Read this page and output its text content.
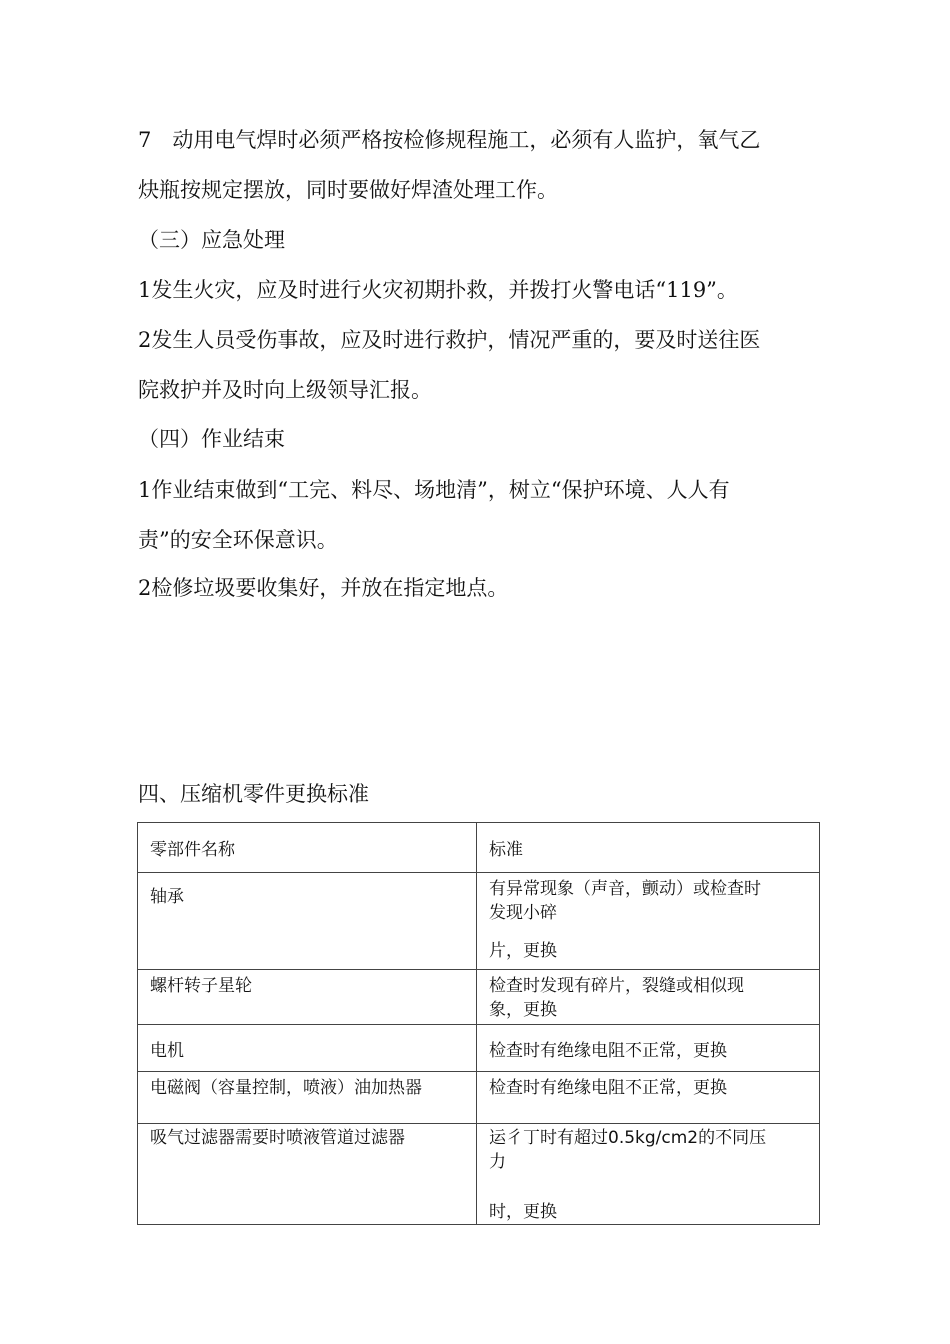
7　动用电气焊时必须严格按检修规程施工，必须有人监护，氧气乙
炔瓶按规定摆放，同时要做好焊渣处理工作。
（三）应急处理
1发生火灾，应及时进行火灾初期扑救，并拨打火警电话“119”。
2发生人员受伤事故，应及时进行救护，情况严重的，要及时送往医
院救护并及时向上级领导汇报。
（四）作业结束
1作业结束做到“工完、料尽、场地清”，树立“保护环境、人人有
责”的安全环保意识。
2检修垃圾要收集好，并放在指定地点。
四、压缩机零件更换标准

零部件名称	标准

轴承	有异常现象（声音，颤动）或检查时

发现小碎

片，更换

螺杆转子星轮	检查时发现有碎片，裂缝或相似现

象，更换

电机	检查时有绝缘电阻不正常，更换

电磁阀（容量控制，喷液）油加热器	检查时有绝缘电阻不正常，更换

吸气过滤器需要时喷液管道过滤器	运彳丁时有超过0.5kg/cm2的不同压

力

时，更换
